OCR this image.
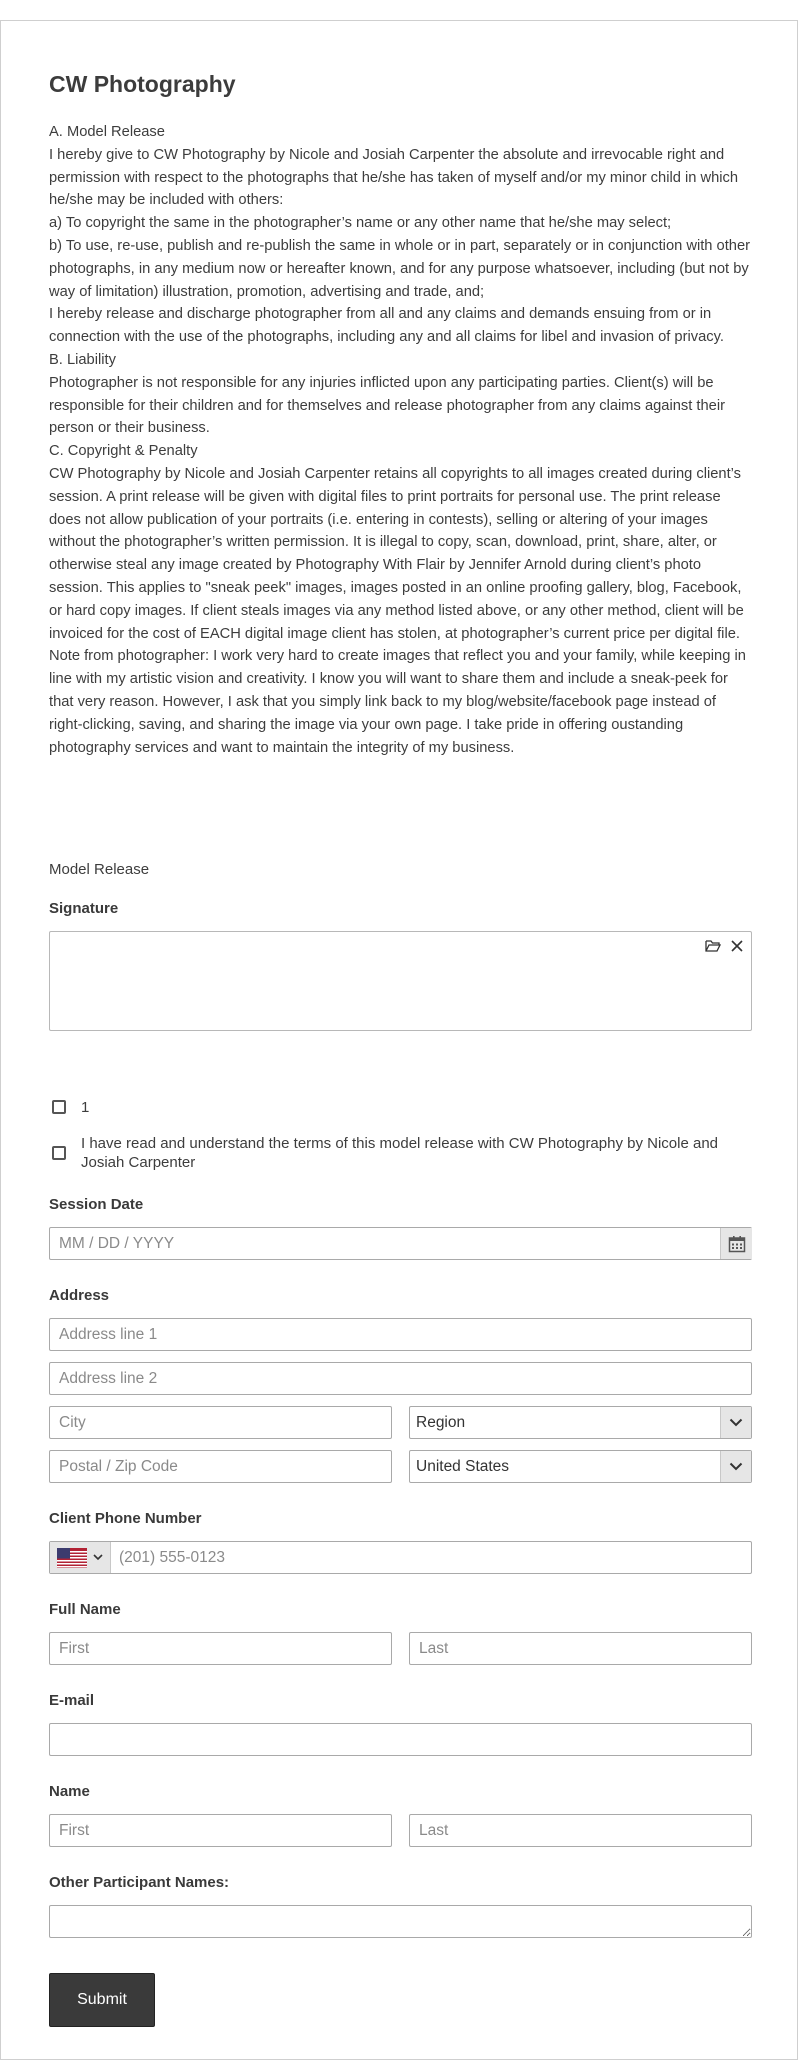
CW Photography

A. Model Release

I hereby give to CW Photography by Nicole and Josiah Carpenter the absolute and irrevocable right and permission with respect to the photographs that he/she has taken of myself and/or my minor child in which he/she may be included with others:

a) To copyright the same in the photographer’s name or any other name that he/she may select;

b) To use, re-use, publish and re-publish the same in whole or in part, separately or in conjunction with other photographs, in any medium now or hereafter known, and for any purpose whatsoever, including (but not by way of limitation) illustration, promotion, advertising and trade, and;

I hereby release and discharge photographer from all and any claims and demands ensuing from or in connection with the use of the photographs, including any and all claims for libel and invasion of privacy.

B. Liability

Photographer is not responsible for any injuries inflicted upon any participating parties. Client(s) will be responsible for their children and for themselves and release photographer from any claims against their person or their business.

C. Copyright & Penalty

CW Photography by Nicole and Josiah Carpenter retains all copyrights to all images created during client’s session. A print release will be given with digital files to print portraits for personal use. The print release does not allow publication of your portraits (i.e. entering in contests), selling or altering of your images without the photographer’s written permission. It is illegal to copy, scan, download, print, share, alter, or otherwise steal any image created by Photography With Flair by Jennifer Arnold during client’s photo session. This applies to "sneak peek" images, images posted in an online proofing gallery, blog, Facebook, or hard copy images. If client steals images via any method listed above, or any other method, client will be invoiced for the cost of EACH digital image client has stolen, at photographer’s current price per digital file.

Note from photographer: I work very hard to create images that reflect you and your family, while keeping in line with my artistic vision and creativity. I know you will want to share them and include a sneak-peek for that very reason. However, I ask that you simply link back to my blog/website/facebook page instead of right-clicking, saving, and sharing the image via your own page. I take pride in offering oustanding photography services and want to maintain the integrity of my business.

Model Release
Signature
1
I have read and understand the terms of this model release with CW Photography by Nicole and Josiah Carpenter
Session Date
MM / DD / YYYY
Address
Address line 1
Address line 2
City
Region
Postal / Zip Code
United States
Client Phone Number
(201) 555-0123
Full Name
First
Last
E-mail
Name
First
Last
Other Participant Names:
Submit
